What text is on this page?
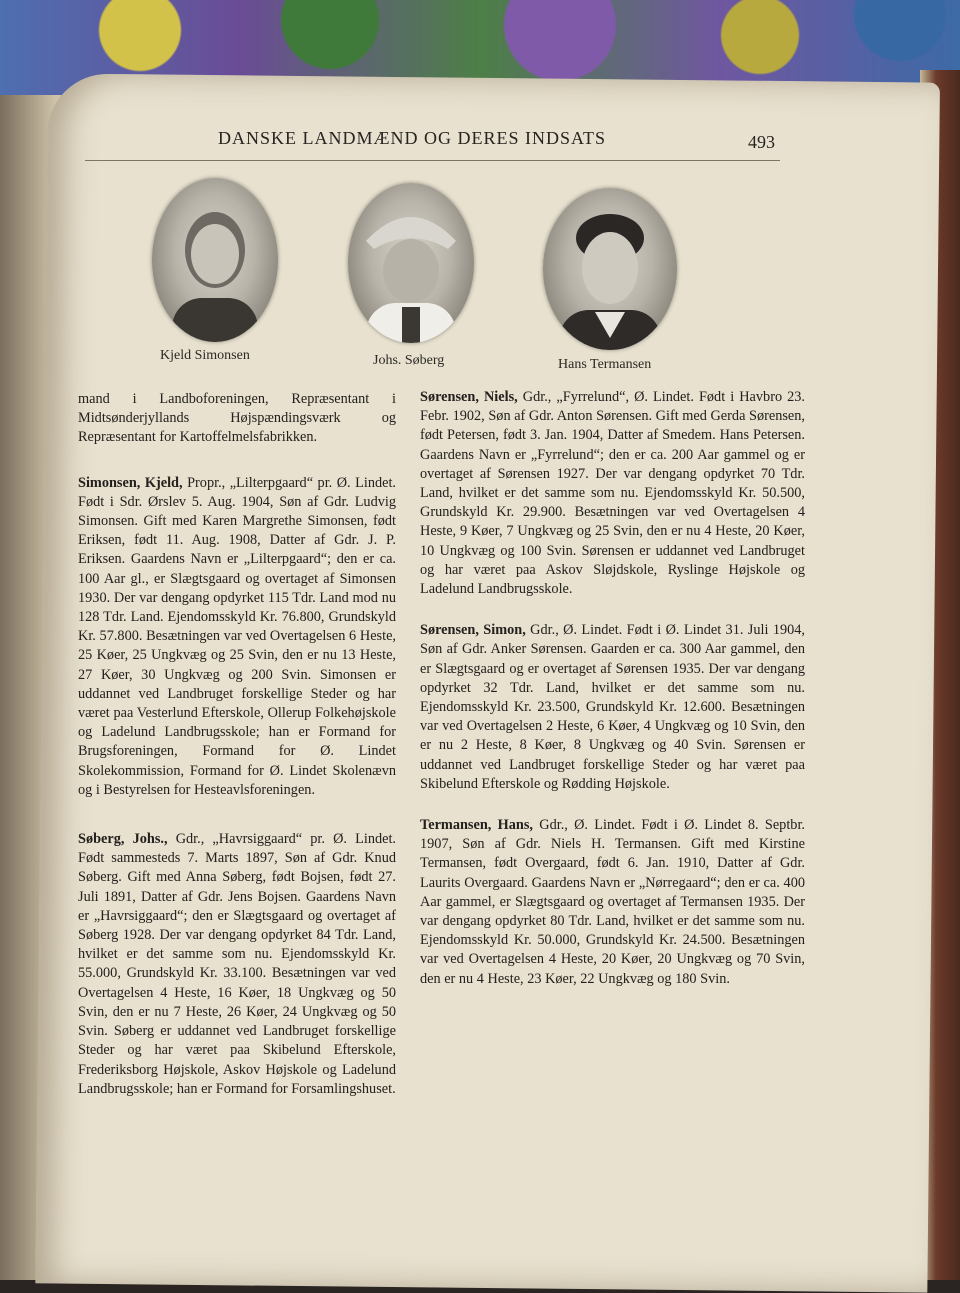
DANSKE LANDMÆND OG DERES INDSATS	493
Kjeld Simonsen	Johs. Søberg	Hans Termansen

mand i Landboforeningen, Repræsentant i Midtsønderjyllands Højspændingsværk og Repræsentant for Kartoffelmelsfabrikken.

Simonsen, Kjeld, Propr., „Lilterpgaard“ pr. Ø. Lindet. Født i Sdr. Ørslev 5. Aug. 1904, Søn af Gdr. Ludvig Simonsen. Gift med Karen Margrethe Simonsen, født Eriksen, født 11. Aug. 1908, Datter af Gdr. J. P. Eriksen. Gaardens Navn er „Lilterpgaard“; den er ca. 100 Aar gl., er Slægtsgaard og overtaget af Simonsen 1930. Der var dengang opdyrket 115 Tdr. Land mod nu 128 Tdr. Land. Ejendomsskyld Kr. 76.800, Grundskyld Kr. 57.800. Besætningen var ved Overtagelsen 6 Heste, 25 Køer, 25 Ungkvæg og 25 Svin, den er nu 13 Heste, 27 Køer, 30 Ungkvæg og 200 Svin. Simonsen er uddannet ved Landbruget forskellige Steder og har været paa Vesterlund Efterskole, Ollerup Folkehøjskole og Ladelund Landbrugsskole; han er Formand for Brugsforeningen, Formand for Ø. Lindet Skolekommission, Formand for Ø. Lindet Skolenævn og i Bestyrelsen for Hesteavlsforeningen.

Søberg, Johs., Gdr., „Havrsiggaard“ pr. Ø. Lindet. Født sammesteds 7. Marts 1897, Søn af Gdr. Knud Søberg. Gift med Anna Søberg, født Bojsen, født 27. Juli 1891, Datter af Gdr. Jens Bojsen. Gaardens Navn er „Havrsiggaard“; den er Slægtsgaard og overtaget af Søberg 1928. Der var dengang opdyrket 84 Tdr. Land, hvilket er det samme som nu. Ejendomsskyld Kr. 55.000, Grundskyld Kr. 33.100. Besætningen var ved Overtagelsen 4 Heste, 16 Køer, 18 Ungkvæg og 50 Svin, den er nu 7 Heste, 26 Køer, 24 Ungkvæg og 50 Svin. Søberg er uddannet ved Landbruget forskellige Steder og har været paa Skibelund Efterskole, Frederiksborg Højskole, Askov Højskole og Ladelund Landbrugsskole; han er Formand for Forsamlingshuset.

Sørensen, Niels, Gdr., „Fyrrelund“, Ø. Lindet. Født i Havbro 23. Febr. 1902, Søn af Gdr. Anton Sørensen. Gift med Gerda Sørensen, født Petersen, født 3. Jan. 1904, Datter af Smedem. Hans Petersen. Gaardens Navn er „Fyrrelund“; den er ca. 200 Aar gammel og er overtaget af Sørensen 1927. Der var dengang opdyrket 70 Tdr. Land, hvilket er det samme som nu. Ejendomsskyld Kr. 50.500, Grundskyld Kr. 29.900. Besætningen var ved Overtagelsen 4 Heste, 9 Køer, 7 Ungkvæg og 25 Svin, den er nu 4 Heste, 20 Køer, 10 Ungkvæg og 100 Svin. Sørensen er uddannet ved Landbruget og har været paa Askov Sløjdskole, Ryslinge Højskole og Ladelund Landbrugsskole.

Sørensen, Simon, Gdr., Ø. Lindet. Født i Ø. Lindet 31. Juli 1904, Søn af Gdr. Anker Sørensen. Gaarden er ca. 300 Aar gammel, den er Slægtsgaard og er overtaget af Sørensen 1935. Der var dengang opdyrket 32 Tdr. Land, hvilket er det samme som nu. Ejendomsskyld Kr. 23.500, Grundskyld Kr. 12.600. Besætningen var ved Overtagelsen 2 Heste, 6 Køer, 4 Ungkvæg og 10 Svin, den er nu 2 Heste, 8 Køer, 8 Ungkvæg og 40 Svin. Sørensen er uddannet ved Landbruget forskellige Steder og har været paa Skibelund Efterskole og Rødding Højskole.

Termansen, Hans, Gdr., Ø. Lindet. Født i Ø. Lindet 8. Septbr. 1907, Søn af Gdr. Niels H. Termansen. Gift med Kirstine Termansen, født Overgaard, født 6. Jan. 1910, Datter af Gdr. Laurits Overgaard. Gaardens Navn er „Nørregaard“; den er ca. 400 Aar gammel, er Slægtsgaard og overtaget af Termansen 1935. Der var dengang opdyrket 80 Tdr. Land, hvilket er det samme som nu. Ejendomsskyld Kr. 50.000, Grundskyld Kr. 24.500. Besætningen var ved Overtagelsen 4 Heste, 20 Køer, 20 Ungkvæg og 70 Svin, den er nu 4 Heste, 23 Køer, 22 Ungkvæg og 180 Svin.
